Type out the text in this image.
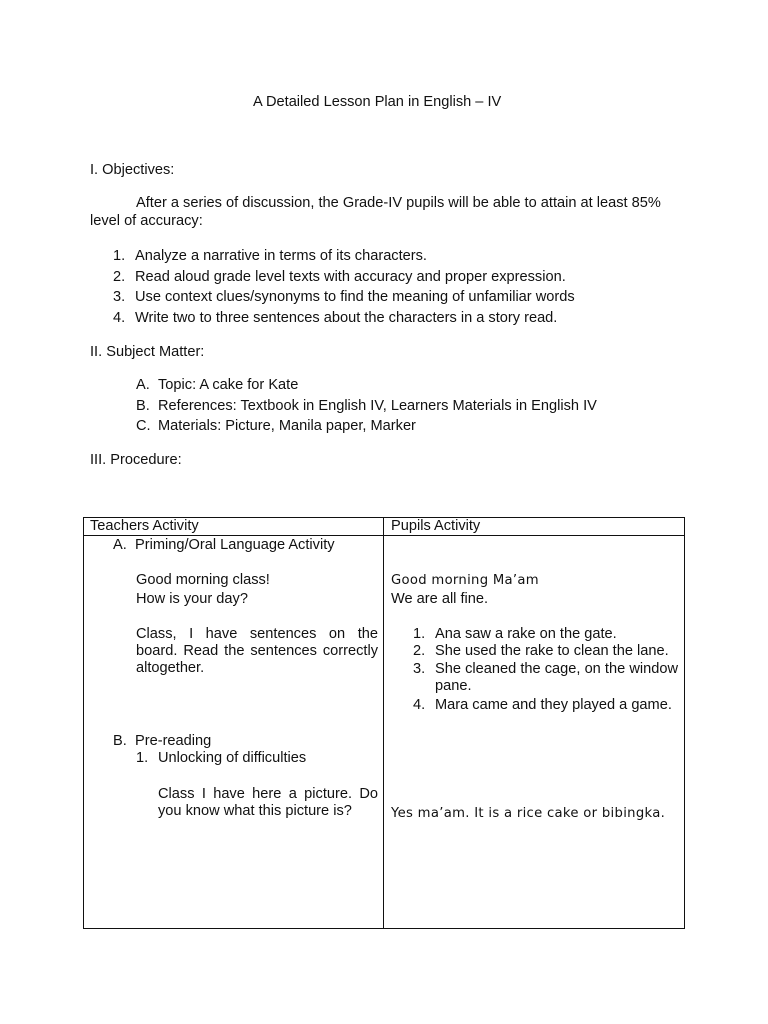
A Detailed Lesson Plan in English – IV
I. Objectives:
After a series of discussion, the Grade-IV pupils will be able to attain at least 85%
level of accuracy:
1. Analyze a narrative in terms of its characters.
2. Read aloud grade level texts with accuracy and proper expression.
3. Use context clues/synonyms to find the meaning of unfamiliar words
4. Write two to three sentences about the characters in a story read.
II. Subject Matter:
A. Topic: A cake for Kate
B. References: Textbook in English IV, Learners Materials in English IV
C. Materials: Picture, Manila paper, Marker
III. Procedure:
Teachers Activity	Pupils Activity
A. Priming/Oral Language Activity
Good morning class!
How is your day?
Class, I have sentences on the board. Read the sentences correctly altogether.
B. Pre-reading
1. Unlocking of difficulties
Class I have here a picture. Do you know what this picture is?
Good morning Ma’am
We are all fine.
1. Ana saw a rake on the gate.
2. She used the rake to clean the lane.
3. She cleaned the cage, on the window pane.
4. Mara came and they played a game.
Yes ma’am. It is a rice cake or bibingka.
